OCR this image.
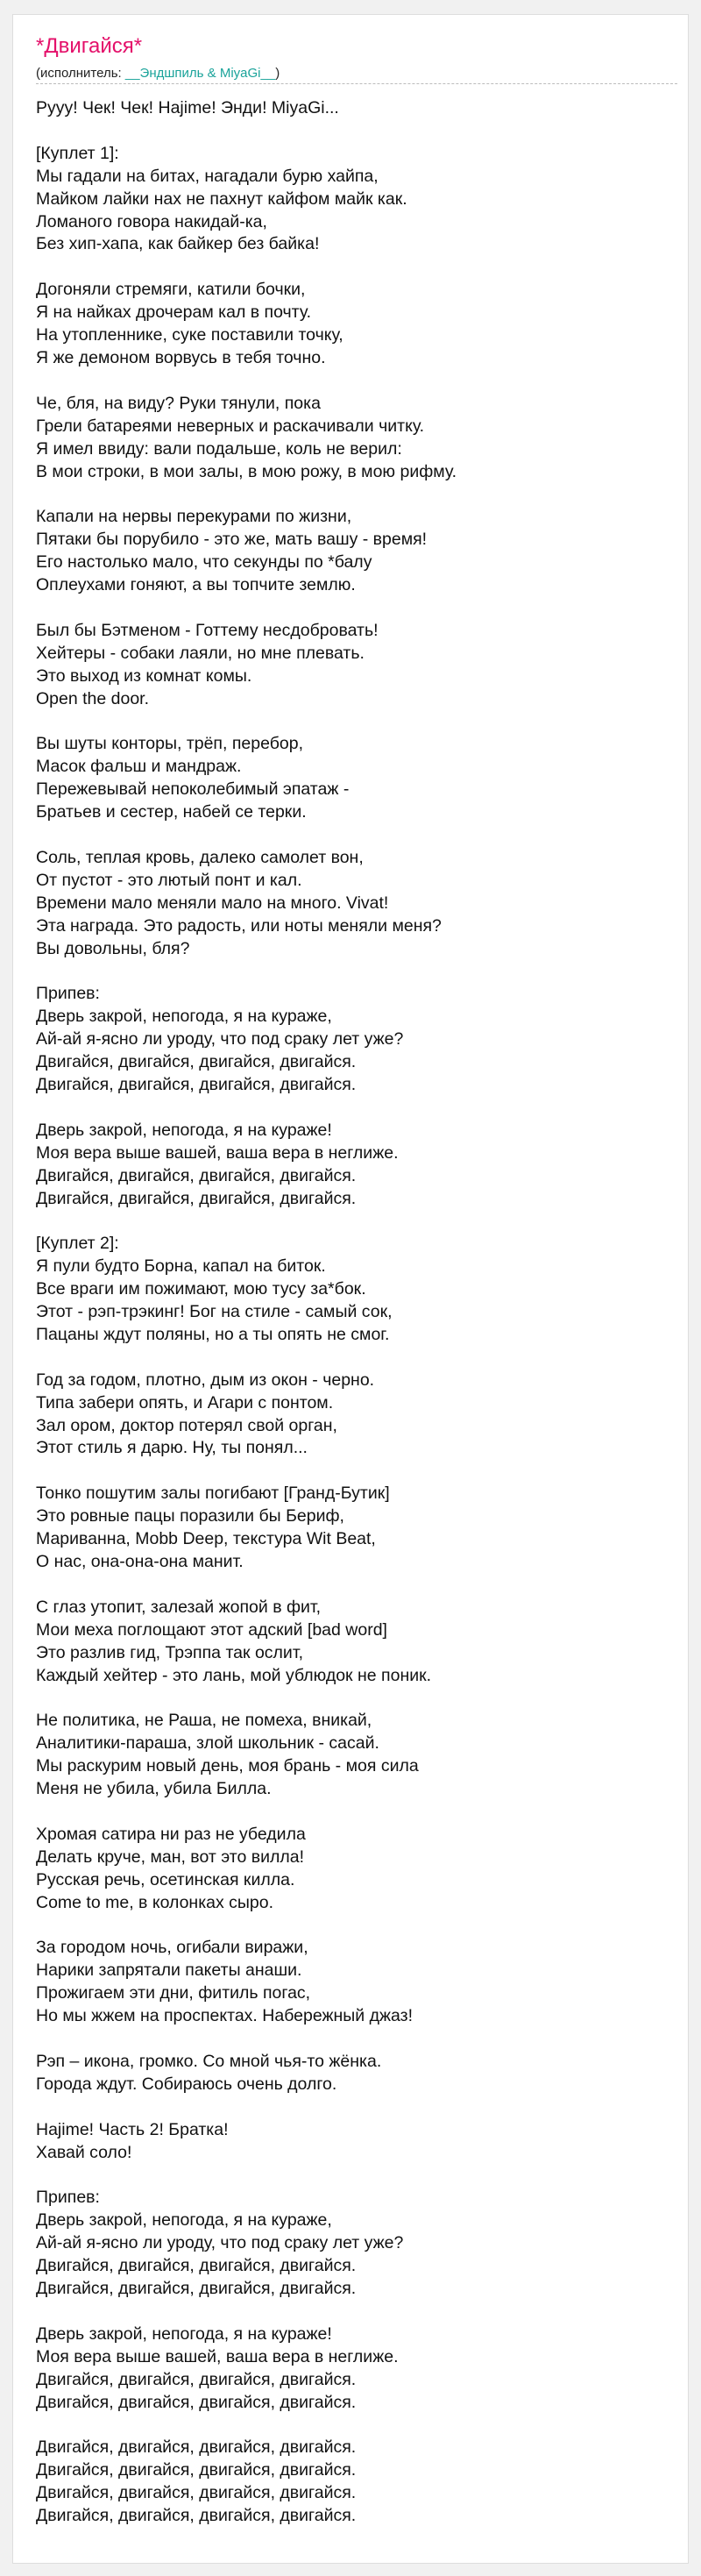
*Двигайся*
(исполнитель: __Эндшпиль & MiyaGi__)
Рууу! Чек! Чек! Hajime! Энди! MiyaGi...

[Куплет 1]:
Мы гадали на битах, нагадали бурю хайпа,
Майком лайки нах не пахнут кайфом майк как.
Ломаного говора накидай-ка,
Без хип-хапа, как байкер без байка!

Догоняли стремяги, катили бочки,
Я на найках дрочерам кал в почту.
На утопленнике, суке поставили точку,
Я же демоном ворвусь в тебя точно.

Че, бля, на виду? Руки тянули, пока
Грели батареями неверных и раскачивали читку.
Я имел ввиду: вали подальше, коль не верил:
В мои строки, в мои залы, в мою рожу, в мою рифму.

Капали на нервы перекурами по жизни,
Пятаки бы порубило - это же, мать вашу - время!
Его настолько мало, что секунды по *балу
Оплеухами гоняют, а вы топчите землю.

Был бы Бэтменом - Готтему несдобровать!
Хейтеры - собаки лаяли, но мне плевать.
Это выход из комнат комы.
Open the door.

Вы шуты конторы, трёп, перебор,
Масок фальш и мандраж.
Пережевывай непоколебимый эпатаж -
Братьев и сестер, набей се терки.

Соль, теплая кровь, далеко самолет вон,
От пустот - это лютый понт и кал.
Времени мало меняли мало на много. Vivat!
Эта награда. Это радость, или ноты меняли меня?
Вы довольны, бля?

Припев:
Дверь закрой, непогода, я на кураже,
Ай-ай я-ясно ли уроду, что под сраку лет уже?
Двигайся, двигайся, двигайся, двигайся.
Двигайся, двигайся, двигайся, двигайся.

Дверь закрой, непогода, я на кураже!
Моя вера выше вашей, ваша вера в неглиже.
Двигайся, двигайся, двигайся, двигайся.
Двигайся, двигайся, двигайся, двигайся.

[Куплет 2]:
Я пули будто Борна, капал на биток.
Все враги им пожимают, мою тусу за*бок.
Этот - рэп-трэкинг! Бог на стиле - самый сок,
Пацаны ждут поляны, но а ты опять не смог.

Год за годом, плотно, дым из окон - черно.
Типа забери опять, и Агари с понтом.
Зал ором, доктор потерял свой орган,
Этот стиль я дарю. Ну, ты понял...

Тонко пошутим залы погибают [Гранд-Бутик]
Это ровные пацы поразили бы Бериф,
Мариванна, Mobb Deep, текстура Wit Beat,
О нас, она-она-она манит.

С глаз утопит, залезай жопой в фит,
Мои меха поглощают этот адский [bad word]
Это разлив гид, Трэппа так ослит,
Каждый хейтер - это лань, мой ублюдок не поник.

Не политика, не Раша, не помеха, вникай,
Аналитики-параша, злой школьник - сасай.
Мы раскурим новый день, моя брань - моя сила
Меня не убила, убила Билла.

Хромая сатира ни раз не убедила
Делать круче, ман, вот это вилла!
Русская речь, осетинская килла.
Come to me, в колонках сыро.

За городом ночь, огибали виражи,
Нарики запрятали пакеты анаши.
Прожигаем эти дни, фитиль погас,
Но мы жжем на проспектах. Набережный джаз!

Рэп – икона, громко. Со мной чья-то жёнка.
Города ждут. Собираюсь очень долго.

Hajime! Часть 2! Братка!
Хавай соло!

Припев:
Дверь закрой, непогода, я на кураже,
Ай-ай я-ясно ли уроду, что под сраку лет уже?
Двигайся, двигайся, двигайся, двигайся.
Двигайся, двигайся, двигайся, двигайся.

Дверь закрой, непогода, я на кураже!
Моя вера выше вашей, ваша вера в неглиже.
Двигайся, двигайся, двигайся, двигайся.
Двигайся, двигайся, двигайся, двигайся.

Двигайся, двигайся, двигайся, двигайся.
Двигайся, двигайся, двигайся, двигайся.
Двигайся, двигайся, двигайся, двигайся.
Двигайся, двигайся, двигайся, двигайся.
